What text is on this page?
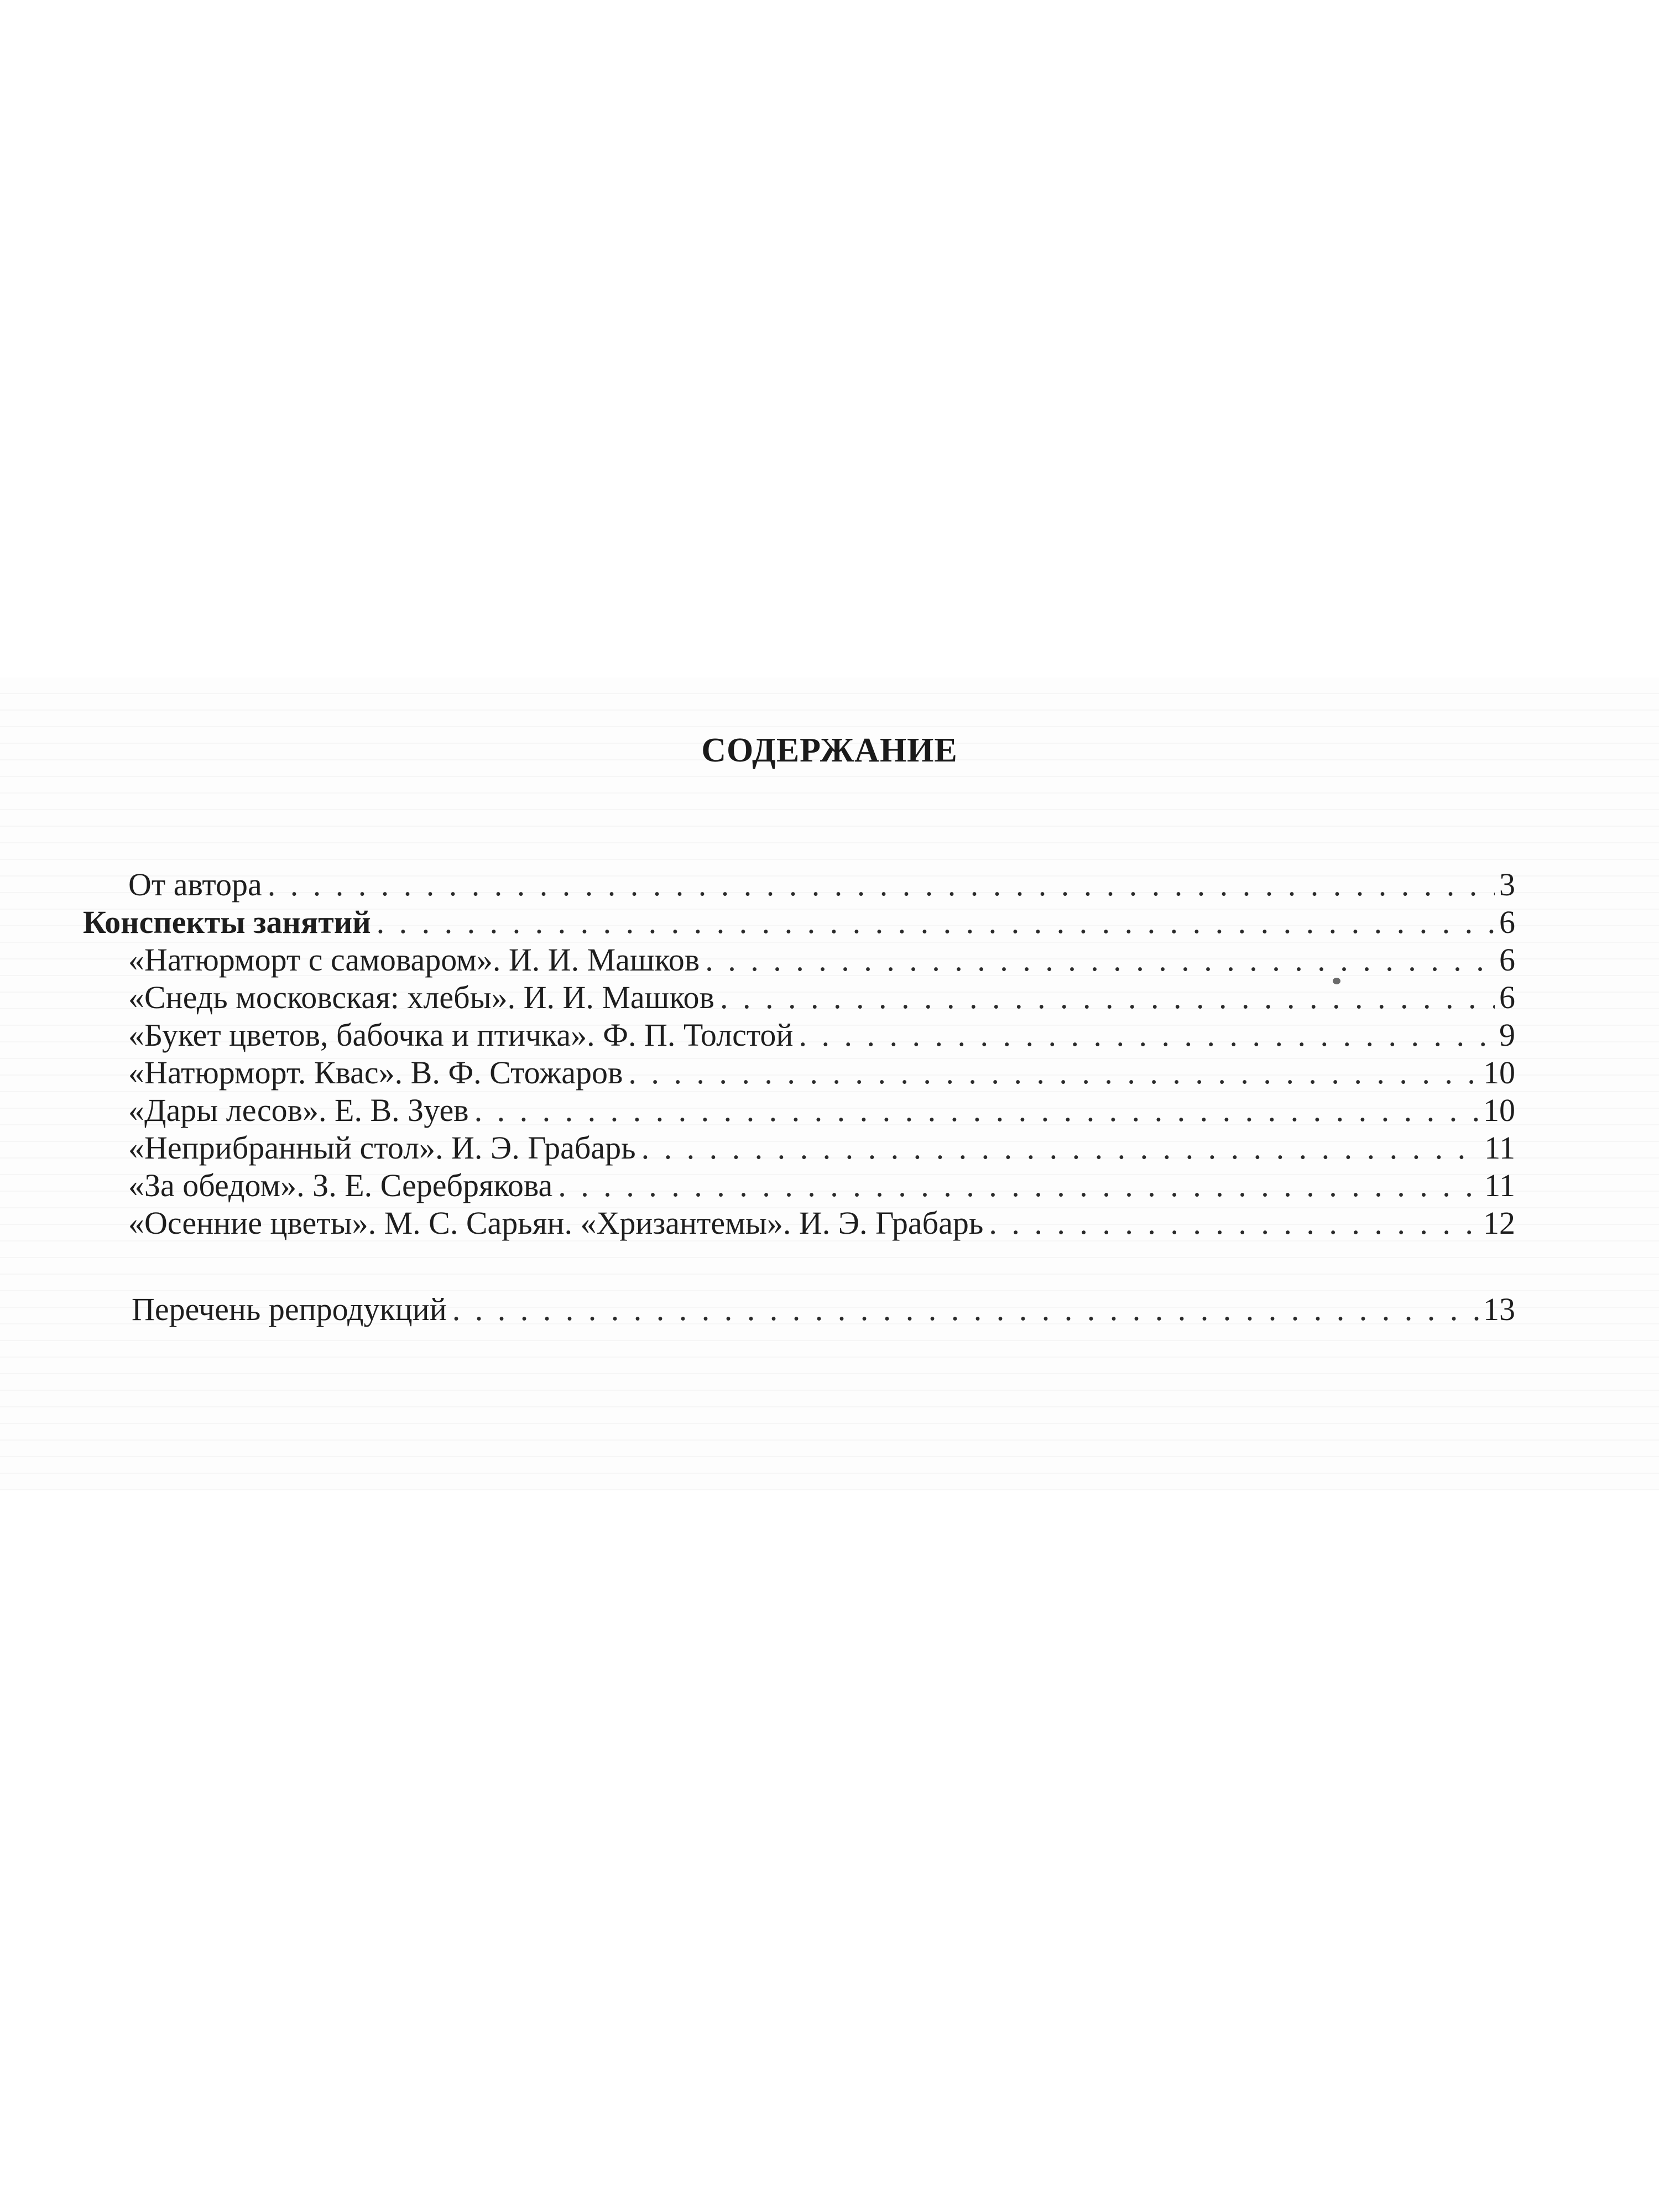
СОДЕРЖАНИЕ
От автора . . .	3
Конспекты занятий . . .	6
«Натюрморт с самоваром». И. И. Машков . . .	6
«Снедь московская: хлебы». И. И. Машков . . .	6
«Букет цветов, бабочка и птичка». Ф. П. Толстой . . .	9
«Натюрморт. Квас». В. Ф. Стожаров . . .	10
«Дары лесов». Е. В. Зуев . . .	10
«Неприбранный стол». И. Э. Грабарь . . .	11
«За обедом». З. Е. Серебрякова . . .	11
«Осенние цветы». М. С. Сарьян. «Хризантемы». И. Э. Грабарь . . .	12
Перечень репродукций . . .	13
